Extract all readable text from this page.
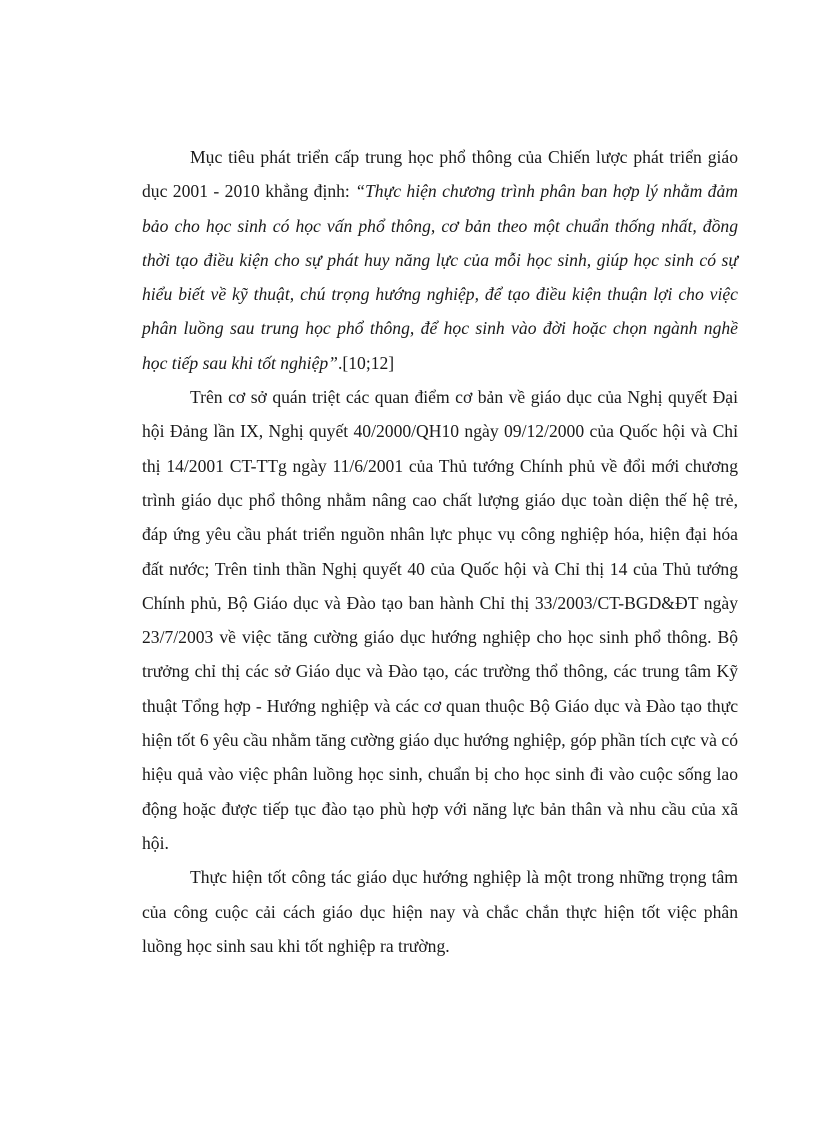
Mục tiêu phát triển cấp trung học phổ thông của Chiến lược phát triển giáo dục 2001 - 2010 khẳng định: “Thực hiện chương trình phân ban hợp lý nhằm đảm bảo cho học sinh có học vấn phổ thông, cơ bản theo một chuẩn thống nhất, đồng thời tạo điều kiện cho sự phát huy năng lực của mỗi học sinh, giúp học sinh có sự hiểu biết về kỹ thuật, chú trọng hướng nghiệp, để tạo điều kiện thuận lợi cho việc phân luồng sau trung học phổ thông, để học sinh vào đời hoặc chọn ngành nghề học tiếp sau khi tốt nghiệp”.[10;12]

Trên cơ sở quán triệt các quan điểm cơ bản về giáo dục của Nghị quyết Đại hội Đảng lần IX, Nghị quyết 40/2000/QH10 ngày 09/12/2000 của Quốc hội và Chỉ thị 14/2001 CT-TTg ngày 11/6/2001 của Thủ tướng Chính phủ về đổi mới chương trình giáo dục phổ thông nhằm nâng cao chất lượng giáo dục toàn diện thế hệ trẻ, đáp ứng yêu cầu phát triển nguồn nhân lực phục vụ công nghiệp hóa, hiện đại hóa đất nước; Trên tinh thần Nghị quyết 40 của Quốc hội và Chỉ thị 14 của Thủ tướng Chính phủ, Bộ Giáo dục và Đào tạo ban hành Chỉ thị 33/2003/CT-BGD&ĐT ngày 23/7/2003 về việc tăng cường giáo dục hướng nghiệp cho học sinh phổ thông. Bộ trưởng chỉ thị các sở Giáo dục và Đào tạo, các trường thổ thông, các trung tâm Kỹ thuật Tổng hợp - Hướng nghiệp và các cơ quan thuộc Bộ Giáo dục và Đào tạo thực hiện tốt 6 yêu cầu nhằm tăng cường giáo dục hướng nghiệp, góp phần tích cực và có hiệu quả vào việc phân luồng học sinh, chuẩn bị cho học sinh đi vào cuộc sống lao động hoặc được tiếp tục đào tạo phù hợp với năng lực bản thân và nhu cầu của xã hội.

Thực hiện tốt công tác giáo dục hướng nghiệp là một trong những trọng tâm của công cuộc cải cách giáo dục hiện nay và chắc chắn thực hiện tốt việc phân luồng học sinh sau khi tốt nghiệp ra trường.
